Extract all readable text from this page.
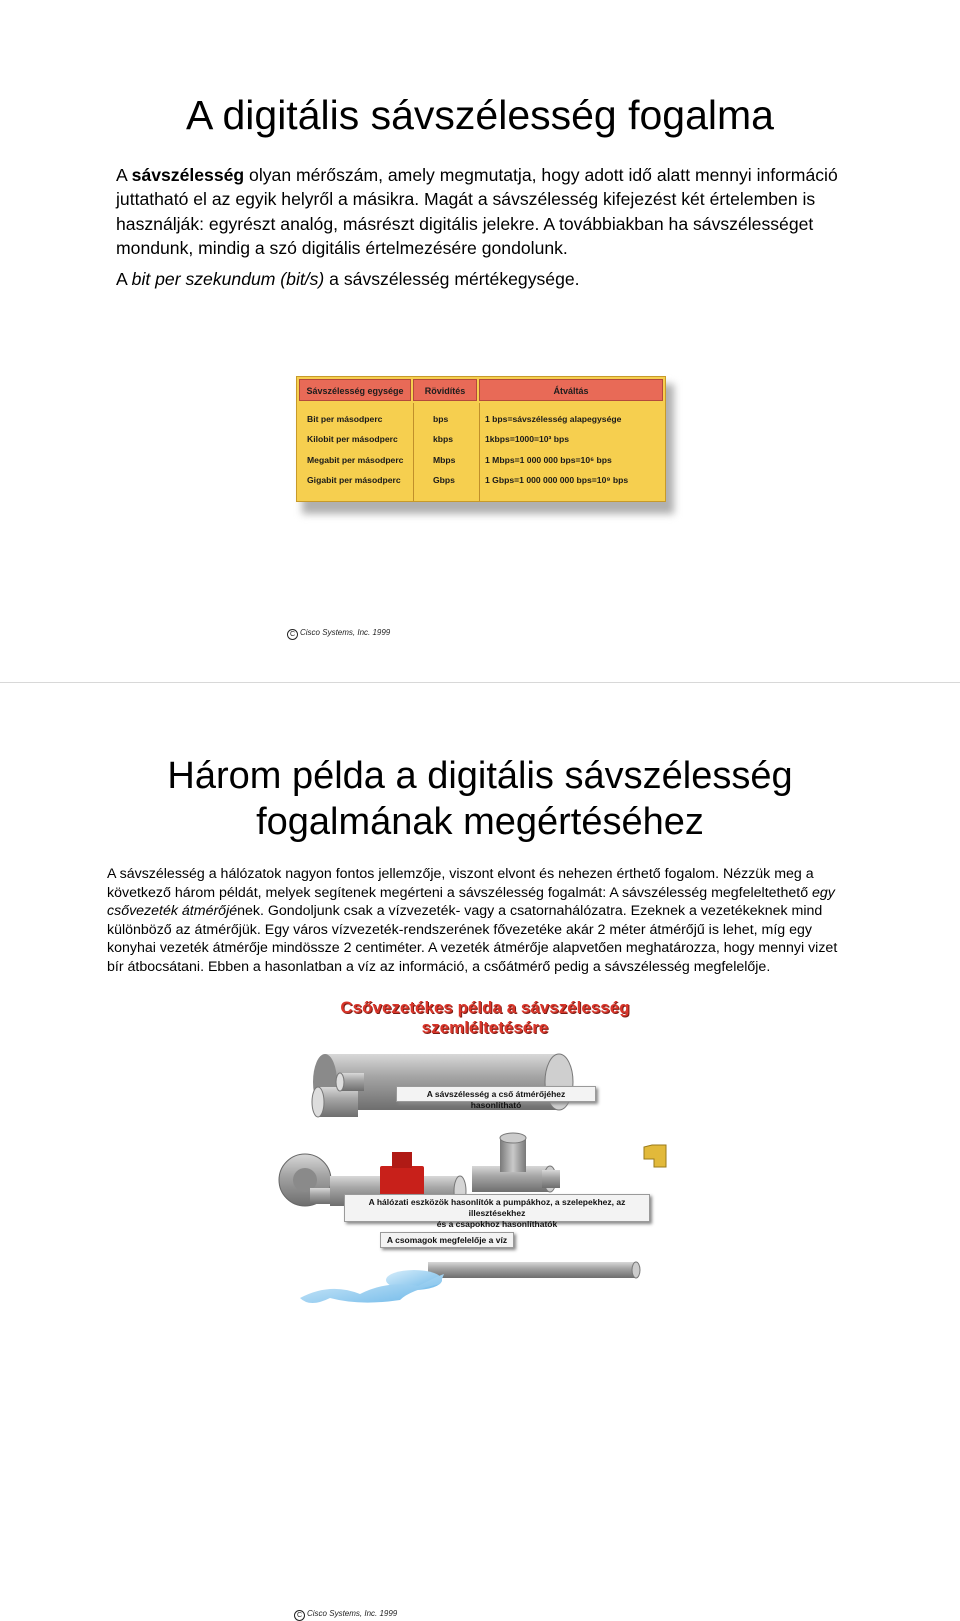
A digitális sávszélesség fogalma

A sávszélesség olyan mérőszám, amely megmutatja, hogy adott idő alatt mennyi információ juttatható el az egyik helyről a másikra. Magát a sávszélesség kifejezést két értelemben is használják: egyrészt analóg, másrészt digitális jelekre. A továbbiakban ha sávszélességet mondunk, mindig a szó digitális értelmezésére gondolunk.

A bit per szekundum (bit/s) a sávszélesség mértékegysége.

Sávszélesség egysége	Rövidítés	Átváltás
Bit per másodperc	bps	1 bps=sávszélesség alapegysége
Kilobit per másodperc	kbps	1kbps=1000=10³ bps
Megabit per másodperc	Mbps	1 Mbps=1 000 000 bps=10⁶ bps
Gigabit per másodperc	Gbps	1 Gbps=1 000 000 000 bps=10⁹ bps
C Cisco Systems, Inc. 1999
Három példa a digitális sávszélesség
fogalmának megértéséhez

A sávszélesség a hálózatok nagyon fontos jellemzője, viszont elvont és nehezen érthető fogalom. Nézzük meg a következő három példát, melyek segítenek megérteni a sávszélesség fogalmát: A sávszélesség megfeleltethető egy csővezeték átmérőjének. Gondoljunk csak a vízvezeték- vagy a csatornahálózatra. Ezeknek a vezetékeknek mind különböző az átmérőjük. Egy város vízvezeték-rendszerének fővezetéke akár 2 méter átmérőjű is lehet, míg egy konyhai vezeték átmérője mindössze 2 centiméter. A vezeték átmérője alapvetően meghatározza, hogy mennyi vizet bír átbocsátani. Ebben a hasonlatban a víz az információ, a csőátmérő pedig a sávszélesség megfelelője.

Csővezetékes példa a sávszélesség
szemléltetésére
A sávszélesség a cső átmérőjéhez hasonlítható
A hálózati eszközök hasonlítók a pumpákhoz, a szelepekhez, az illesztésekhez
és a csapokhoz hasonlíthatók
A csomagok megfelelője a víz
C Cisco Systems, Inc. 1999
